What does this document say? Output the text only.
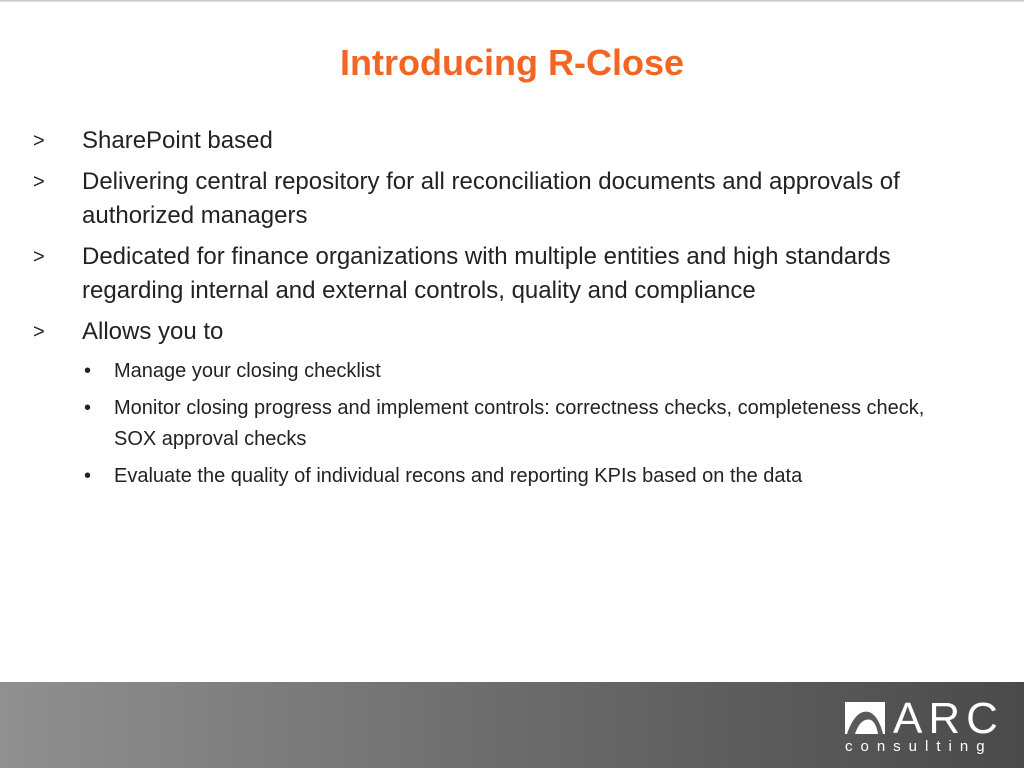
Introducing R-Close
> SharePoint based
> Delivering central repository for all reconciliation documents and approvals of authorized managers
> Dedicated for finance organizations with multiple entities and high standards regarding internal and external controls, quality and compliance
> Allows you to
• Manage your closing checklist
• Monitor closing progress and implement controls: correctness checks, completeness check, SOX approval checks
• Evaluate the quality of individual recons and reporting KPIs based on the data
ARC
consulting
